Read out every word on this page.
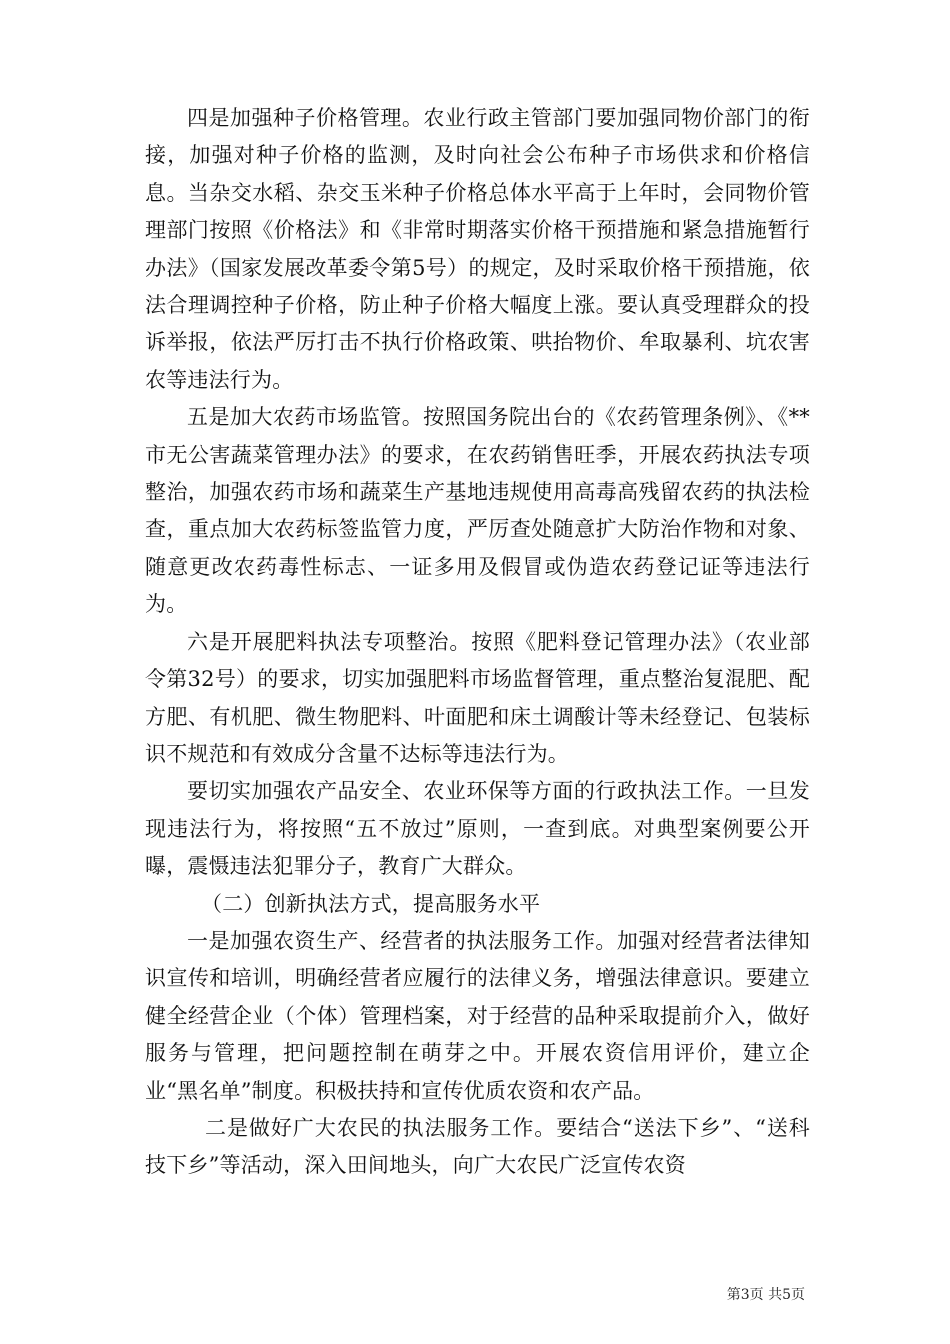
四是加强种子价格管理。农业行政主管部门要加强同物价部门的衔接，加强对种子价格的监测，及时向社会公布种子市场供求和价格信息。当杂交水稻、杂交玉米种子价格总体水平高于上年时，会同物价管理部门按照《价格法》和《非常时期落实价格干预措施和紧急措施暂行办法》（国家发展改革委令第5号）的规定，及时采取价格干预措施，依法合理调控种子价格，防止种子价格大幅度上涨。要认真受理群众的投诉举报，依法严厉打击不执行价格政策、哄抬物价、牟取暴利、坑农害农等违法行为。

五是加大农药市场监管。按照国务院出台的《农药管理条例》、《**市无公害蔬菜管理办法》的要求，在农药销售旺季，开展农药执法专项整治，加强农药市场和蔬菜生产基地违规使用高毒高残留农药的执法检查，重点加大农药标签监管力度，严厉查处随意扩大防治作物和对象、随意更改农药毒性标志、一证多用及假冒或伪造农药登记证等违法行为。

六是开展肥料执法专项整治。按照《肥料登记管理办法》（农业部令第32号）的要求，切实加强肥料市场监督管理，重点整治复混肥、配方肥、有机肥、微生物肥料、叶面肥和床土调酸计等未经登记、包装标识不规范和有效成分含量不达标等违法行为。

要切实加强农产品安全、农业环保等方面的行政执法工作。一旦发现违法行为，将按照“五不放过”原则，一查到底。对典型案例要公开曝，震慑违法犯罪分子，教育广大群众。

（二）创新执法方式，提高服务水平

一是加强农资生产、经营者的执法服务工作。加强对经营者法律知识宣传和培训，明确经营者应履行的法律义务，增强法律意识。要建立健全经营企业（个体）管理档案，对于经营的品种采取提前介入，做好服务与管理，把问题控制在萌芽之中。开展农资信用评价，建立企业“黑名单”制度。积极扶持和宣传优质农资和农产品。

二是做好广大农民的执法服务工作。要结合“送法下乡”、“送科技下乡”等活动，深入田间地头，向广大农民广泛宣传农资

第3页 共5页
